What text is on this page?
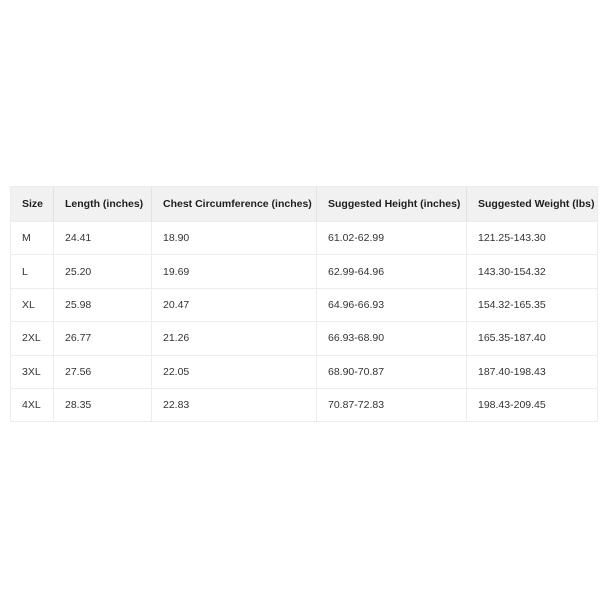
Size	Length (inches)	Chest Circumference (inches)	Suggested Height (inches)	Suggested Weight (lbs)
M	24.41	18.90	61.02-62.99	121.25-143.30
L	25.20	19.69	62.99-64.96	143.30-154.32
XL	25.98	20.47	64.96-66.93	154.32-165.35
2XL	26.77	21.26	66.93-68.90	165.35-187.40
3XL	27.56	22.05	68.90-70.87	187.40-198.43
4XL	28.35	22.83	70.87-72.83	198.43-209.45
